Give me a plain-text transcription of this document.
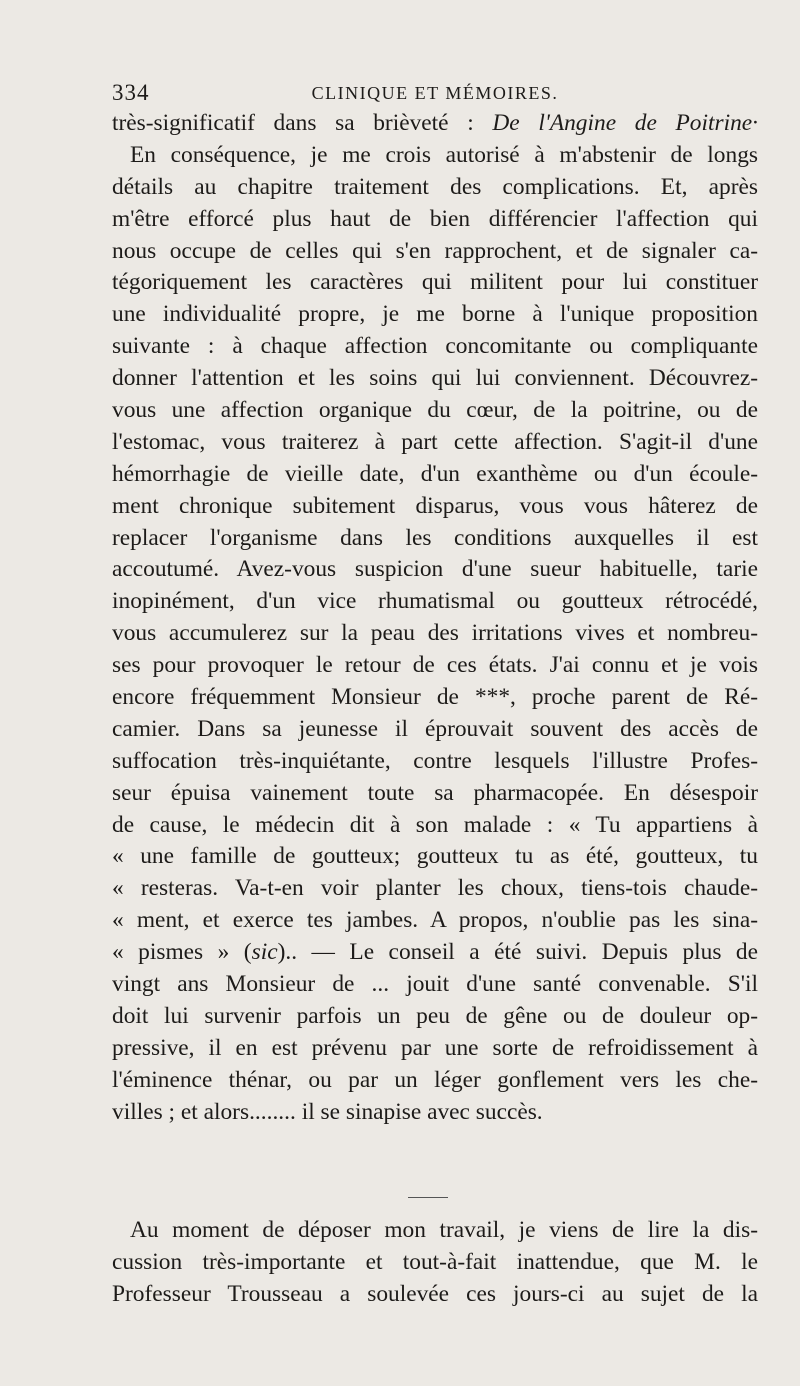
334	CLINIQUE ET MÉMOIRES.
très-significatif dans sa brièveté : De l'Angine de Poitrine·
En conséquence, je me crois autorisé à m'abstenir de longs
détails au chapitre traitement des complications. Et, après
m'être efforcé plus haut de bien différencier l'affection qui
nous occupe de celles qui s'en rapprochent, et de signaler ca-
tégoriquement les caractères qui militent pour lui constituer
une individualité propre, je me borne à l'unique proposition
suivante : à chaque affection concomitante ou compliquante
donner l'attention et les soins qui lui conviennent. Découvrez-
vous une affection organique du cœur, de la poitrine, ou de
l'estomac, vous traiterez à part cette affection. S'agit-il d'une
hémorrhagie de vieille date, d'un exanthème ou d'un écoule-
ment chronique subitement disparus, vous vous hâterez de
replacer l'organisme dans les conditions auxquelles il est
accoutumé. Avez-vous suspicion d'une sueur habituelle, tarie
inopinément, d'un vice rhumatismal ou goutteux rétrocédé,
vous accumulerez sur la peau des irritations vives et nombreu-
ses pour provoquer le retour de ces états. J'ai connu et je vois
encore fréquemment Monsieur de ***, proche parent de Ré-
camier. Dans sa jeunesse il éprouvait souvent des accès de
suffocation très-inquiétante, contre lesquels l'illustre Profes-
seur épuisa vainement toute sa pharmacopée. En désespoir
de cause, le médecin dit à son malade : « Tu appartiens à
« une famille de goutteux; goutteux tu as été, goutteux, tu
« resteras. Va-t-en voir planter les choux, tiens-tois chaude-
« ment, et exerce tes jambes. A propos, n'oublie pas les sina-
« pismes » (sic).. — Le conseil a été suivi. Depuis plus de
vingt ans Monsieur de ... jouit d'une santé convenable. S'il
doit lui survenir parfois un peu de gêne ou de douleur op-
pressive, il en est prévenu par une sorte de refroidissement à
l'éminence thénar, ou par un léger gonflement vers les che-
villes ; et alors........ il se sinapise avec succès.
Au moment de déposer mon travail, je viens de lire la dis-
cussion très-importante et tout-à-fait inattendue, que M. le
Professeur Trousseau a soulevée ces jours-ci au sujet de la
